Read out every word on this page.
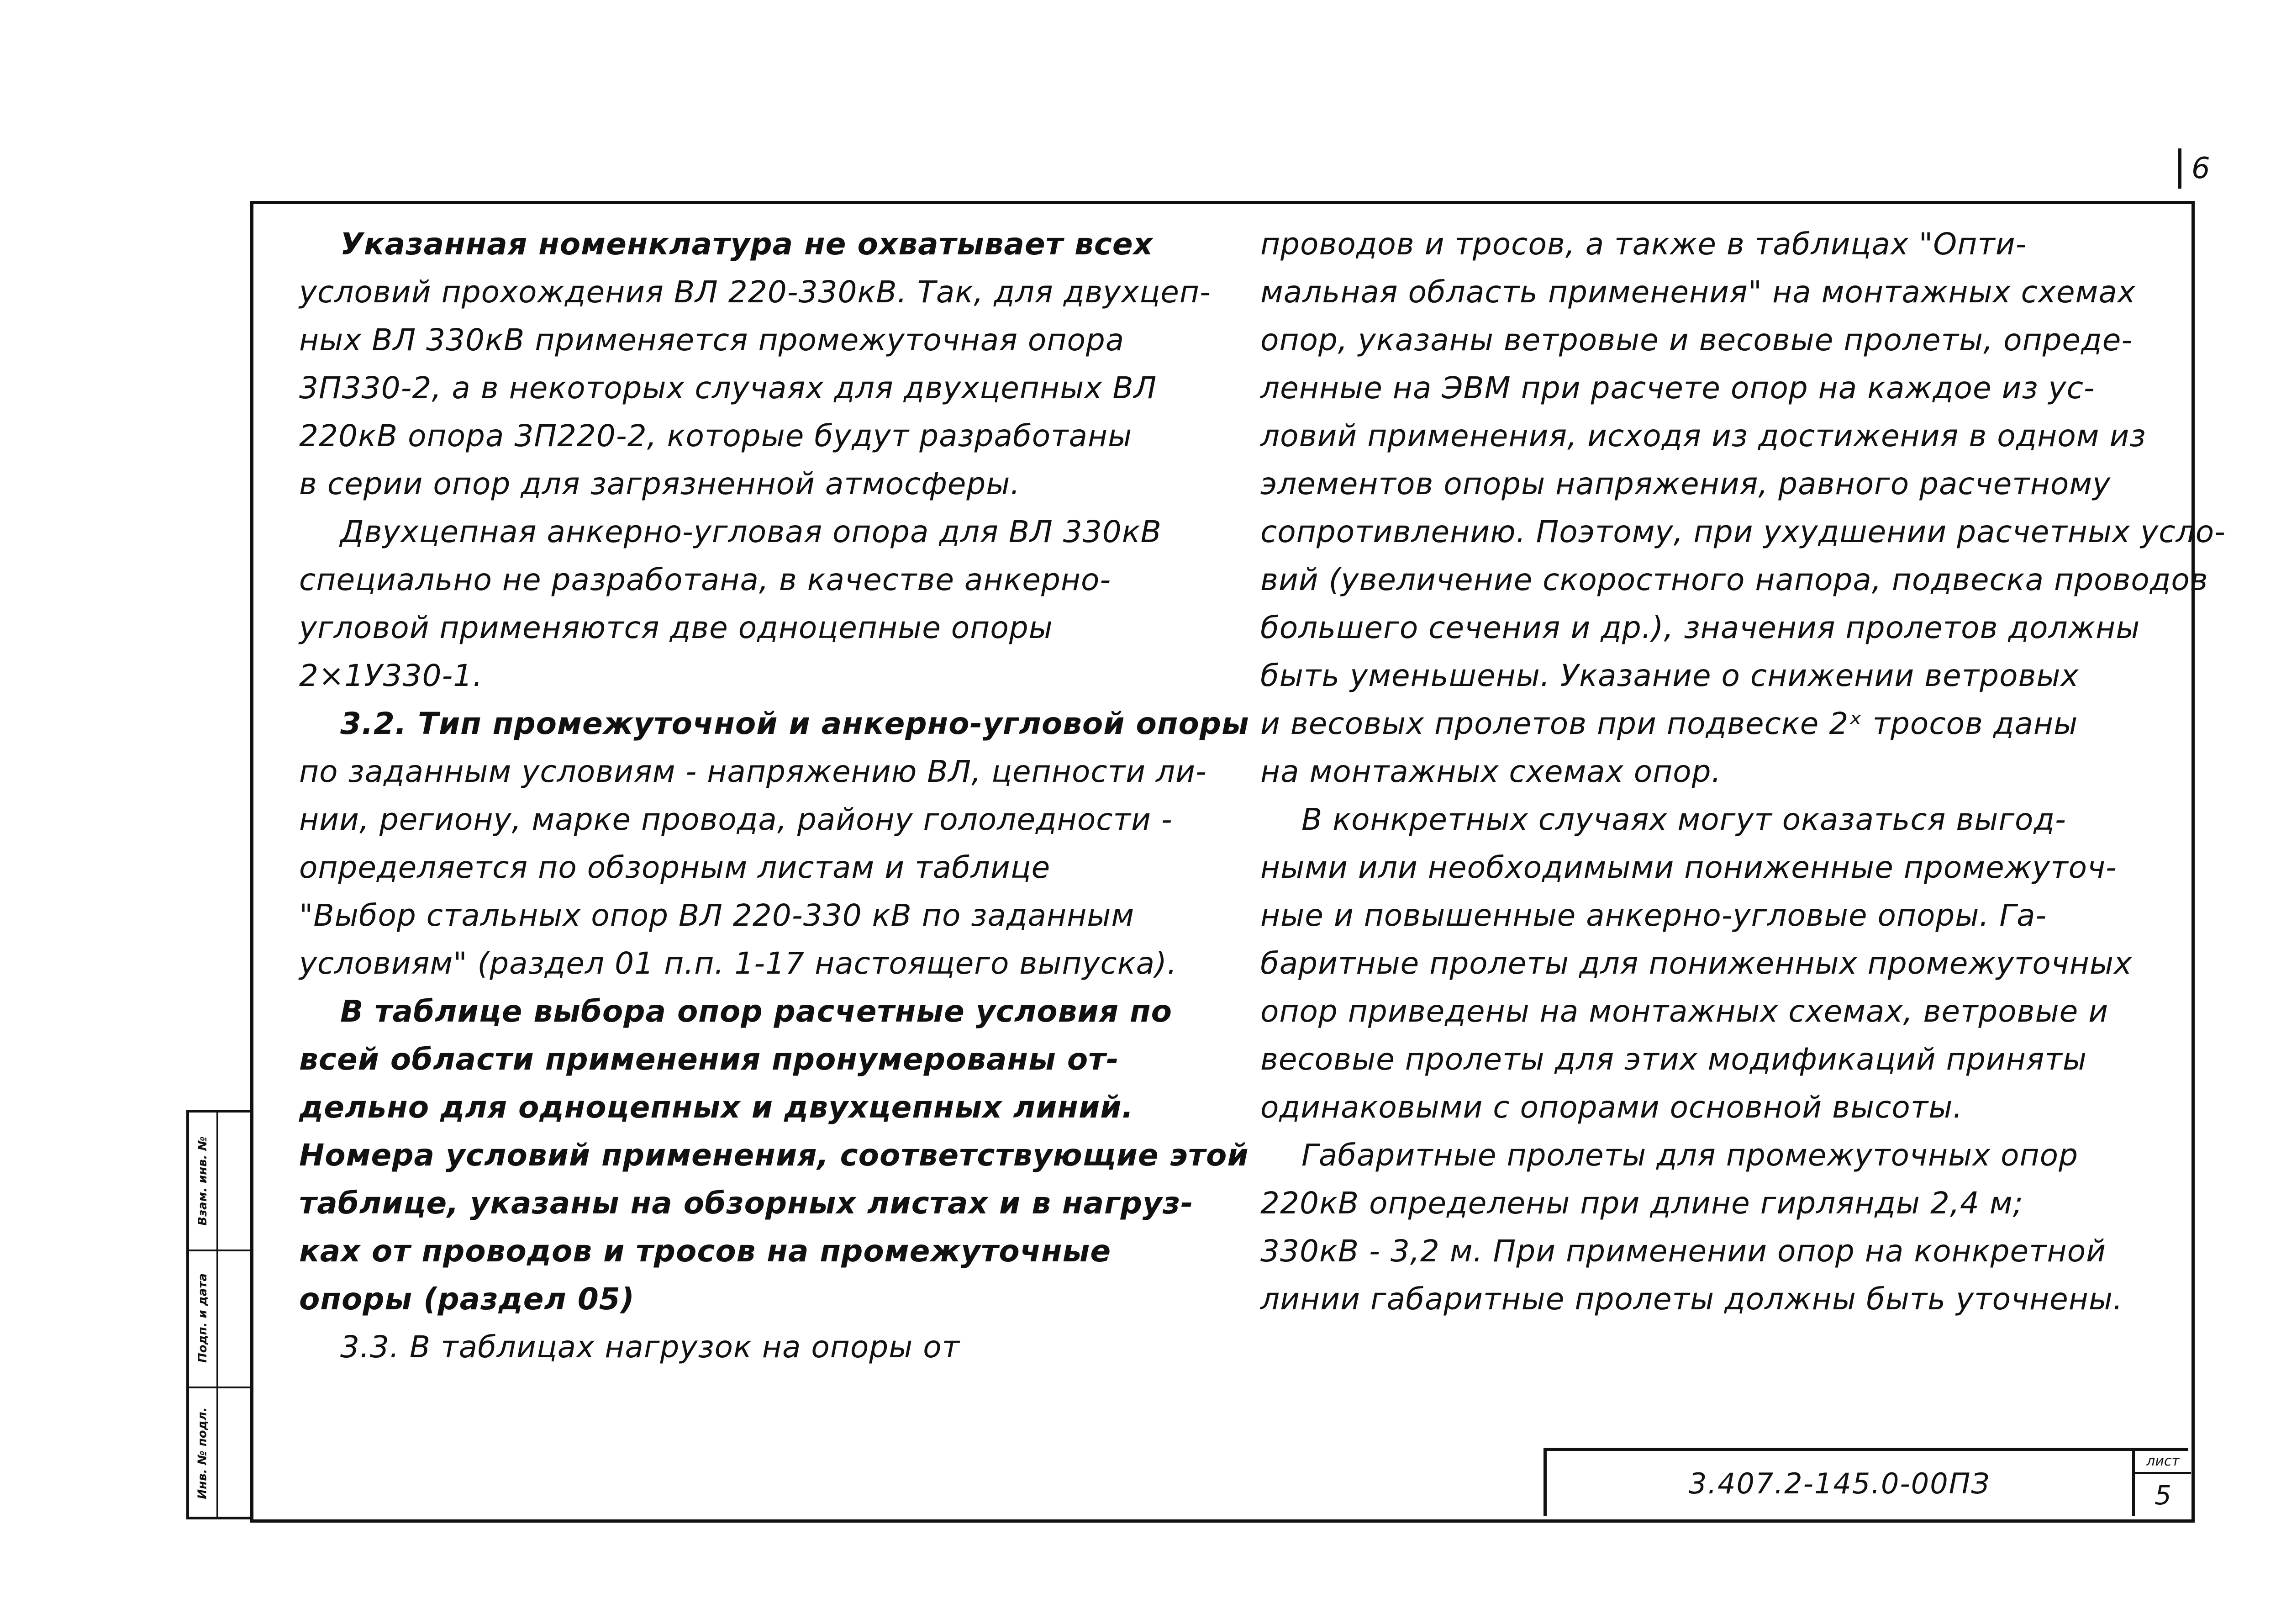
6
Взам. инв. №
Подп. и дата
Инв. № подл.
Указанная номенклатура не охватывает всех
условий прохождения ВЛ 220-330кВ. Так, для двухцеп-
ных ВЛ 330кВ применяется промежуточная опора
3П330-2, а в некоторых случаях для двухцепных ВЛ
220кВ опора 3П220-2, которые будут разработаны
в серии опор для загрязненной атмосферы.
Двухцепная анкерно-угловая опора для ВЛ 330кВ
специально не разработана, в качестве анкерно-
угловой применяются две одноцепные опоры
2×1У330-1.
3.2. Тип промежуточной и анкерно-угловой опоры
по заданным условиям - напряжению ВЛ, цепности ли-
нии, региону, марке провода, району гололедности -
определяется по обзорным листам и таблице
"Выбор стальных опор ВЛ 220-330 кВ по заданным
условиям" (раздел 01 п.п. 1-17 настоящего выпуска).
В таблице выбора опор расчетные условия по
всей области применения пронумерованы от-
дельно для одноцепных и двухцепных линий.
Номера условий применения, соответствующие этой
таблице, указаны на обзорных листах и в нагруз-
ках от проводов и тросов на промежуточные
опоры (раздел 05)
3.3. В таблицах нагрузок на опоры от
проводов и тросов, а также в таблицах "Опти-
мальная область применения" на монтажных схемах
опор, указаны ветровые и весовые пролеты, опреде-
ленные на ЭВМ при расчете опор на каждое из ус-
ловий применения, исходя из достижения в одном из
элементов опоры напряжения, равного расчетному
сопротивлению. Поэтому, при ухудшении расчетных усло-
вий (увеличение скоростного напора, подвеска проводов
большего сечения и др.), значения пролетов должны
быть уменьшены. Указание о снижении ветровых
и весовых пролетов при подвеске 2ˣ тросов даны
на монтажных схемах опор.
В конкретных случаях могут оказаться выгод-
ными или необходимыми пониженные промежуточ-
ные и повышенные анкерно-угловые опоры. Га-
баритные пролеты для пониженных промежуточных
опор приведены на монтажных схемах, ветровые и
весовые пролеты для этих модификаций приняты
одинаковыми с опорами основной высоты.
Габаритные пролеты для промежуточных опор
220кВ определены при длине гирлянды 2,4 м;
330кВ - 3,2 м. При применении опор на конкретной
линии габаритные пролеты должны быть уточнены.
3.407.2-145.0-00ПЗ
лист
5
